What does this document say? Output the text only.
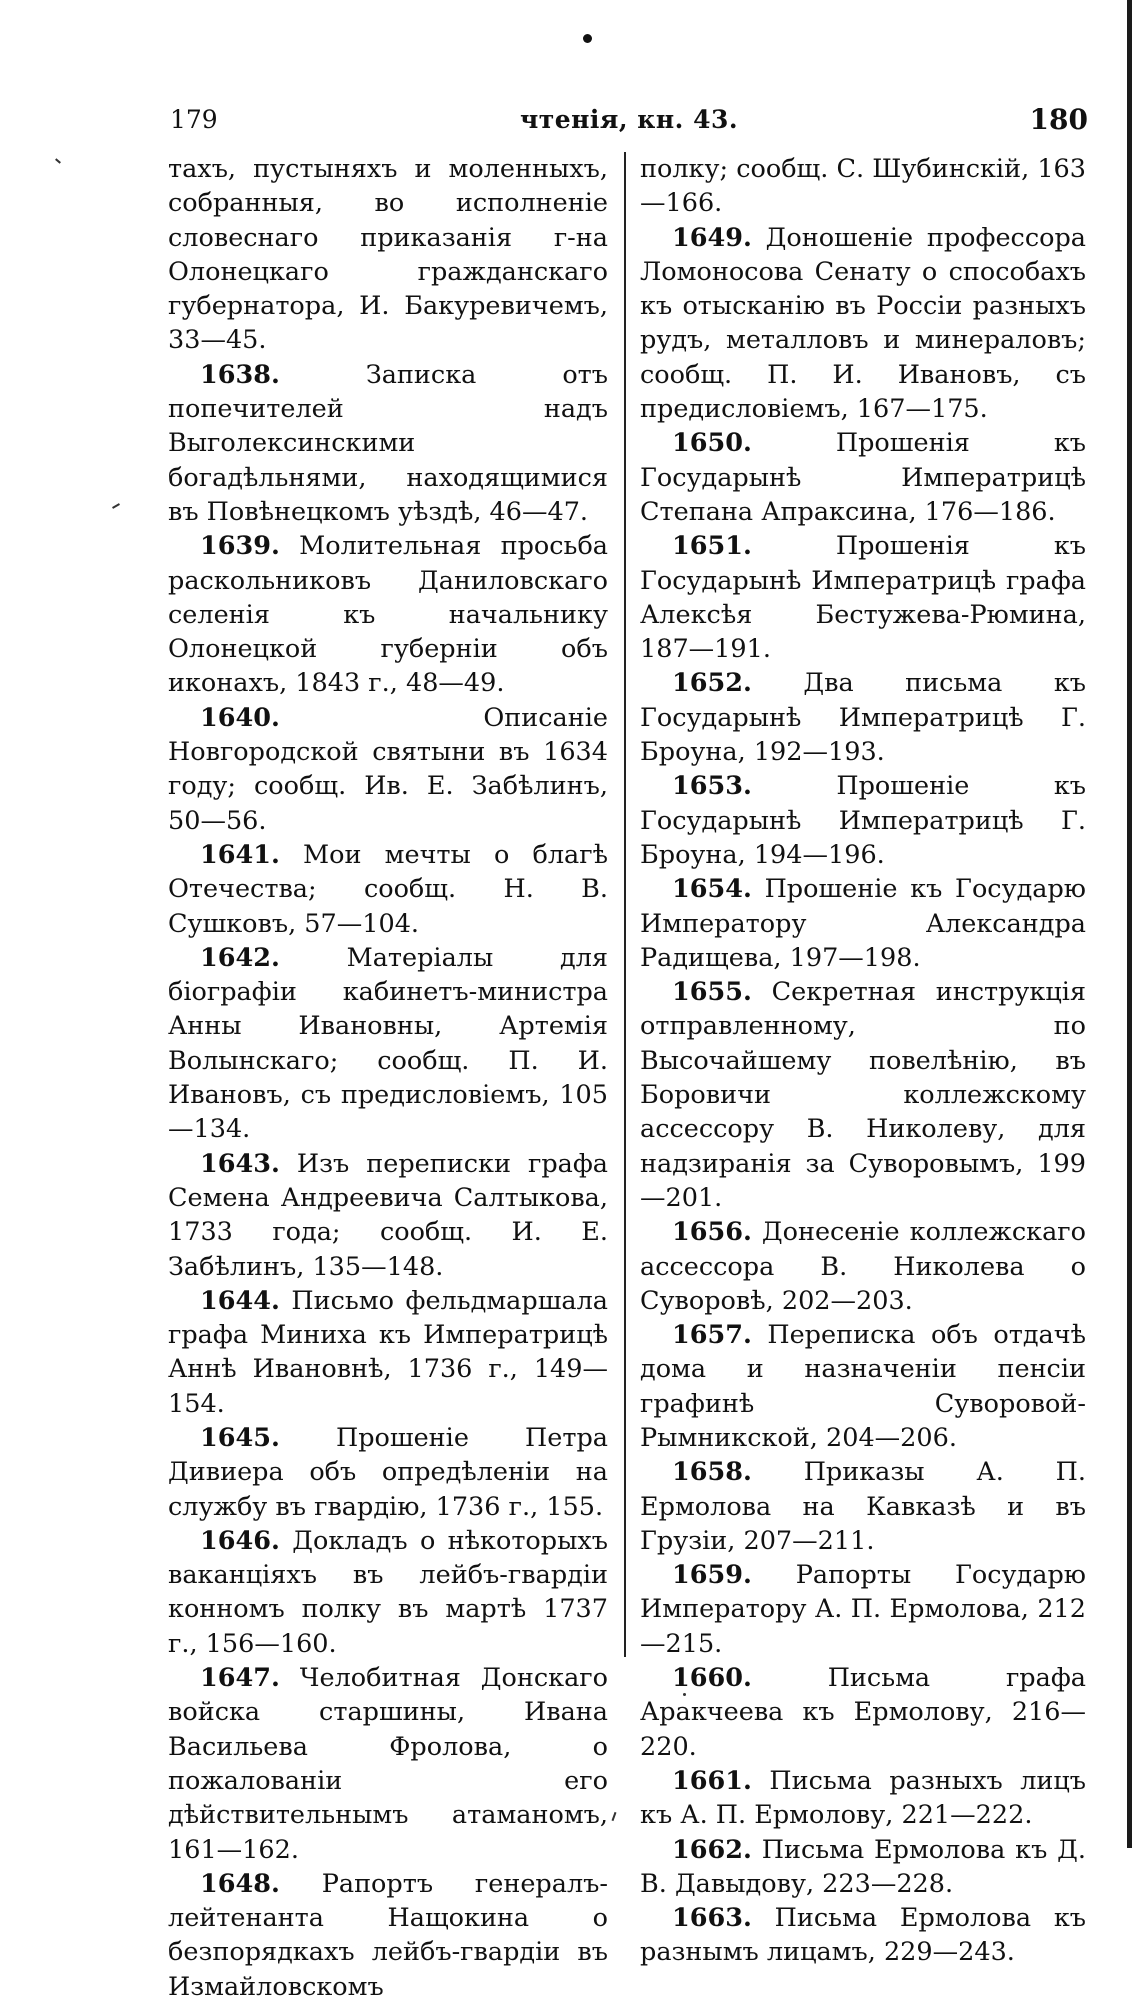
179	чтенія, кн. 43.	180

тахъ, пустыняхъ и моленныхъ, собранныя, во исполненіе словеснаго приказанія г-на Олонецкаго гражданскаго губернатора, И. Бакуревичемъ, 33—45.

1638.	Записка отъ попечителей надъ Выголексинскими богадѣльнями, находящимися въ Повѣнецкомъ уѣздѣ, 46—47.

1639. Молительная просьба раскольниковъ Даниловскаго селенія къ начальнику Олонецкой губерніи объ иконахъ, 1843 г., 48—49.

1640.	Описаніе Новгородской святыни въ 1634 году; сообщ. Ив. Е. Забѣлинъ, 50—56.

1641. Мои мечты о благѣ Отечества; сообщ. Н. В. Сушковъ, 57—104.

1642.	Матеріалы для біографіи кабинетъ-министра Анны Ивановны, Артемія Волынскаго; сообщ. П. И. Ивановъ, съ предисловіемъ, 105—134.

1643. Изъ переписки графа Семена Андреевича Салтыкова, 1733 года; сообщ. И. Е. Забѣлинъ, 135—148.

1644. Письмо фельдмаршала графа Миниха къ Императрицѣ Аннѣ Ивановнѣ, 1736 г., 149—154.

1645. Прошеніе Петра Дивиера объ опредѣленіи на службу въ гвардію, 1736 г., 155.

1646. Докладъ о нѣкоторыхъ ваканціяхъ въ лейбъ-гвардіи конномъ полку въ мартѣ 1737 г., 156—160.

1647. Челобитная Донскаго войска старшины, Ивана Васильева Фролова, о пожалованіи его дѣйствительнымъ атаманомъ, 161—162.

1648. Рапортъ генералъ-лейтенанта Нащокина о безпорядкахъ лейбъ-гвардіи въ Измайловскомъ

полку; сообщ. С. Шубинскій, 163—166.

1649. Доношеніе профессора Ломоносова Сенату о способахъ къ отысканію въ Россіи разныхъ рудъ, металловъ и минераловъ; сообщ. П. И. Ивановъ, съ предисловіемъ, 167—175.

1650.	Прошенія къ Государынѣ Императрицѣ Степана Апраксина, 176—186.

1651.	Прошенія къ Государынѣ Императрицѣ графа Алексѣя Бестужева-Рюмина, 187—191.

1652. Два письма къ Государынѣ Императрицѣ Г. Броуна, 192—193.

1653.	Прошеніе къ Государынѣ Императрицѣ Г. Броуна, 194—196.

1654. Прошеніе къ Государю Императору Александра Радищева, 197—198.

1655. Секретная инструкція отправленному, по Высочайшему повелѣнію, въ Боровичи коллежскому ассессору В. Николеву, для надзиранія за Суворовымъ, 199—201.

1656. Донесеніе коллежскаго ассессора В. Николева о Суворовѣ, 202—203.

1657. Переписка объ отдачѣ дома и назначеніи пенсіи графинѣ Суворовой-Рымникской, 204—206.

1658. Приказы А. П. Ермолова на Кавказѣ и въ Грузіи, 207—211.

1659. Рапорты Государю Императору А. П. Ермолова, 212—215.

1660.	Письма графа Аракчеева къ Ермолову, 216—220.

1661. Письма разныхъ лицъ къ А. П. Ермолову, 221—222.

1662. Письма Ермолова къ Д. В. Давыдову, 223—228.

1663. Письма Ермолова къ разнымъ лицамъ, 229—243.
